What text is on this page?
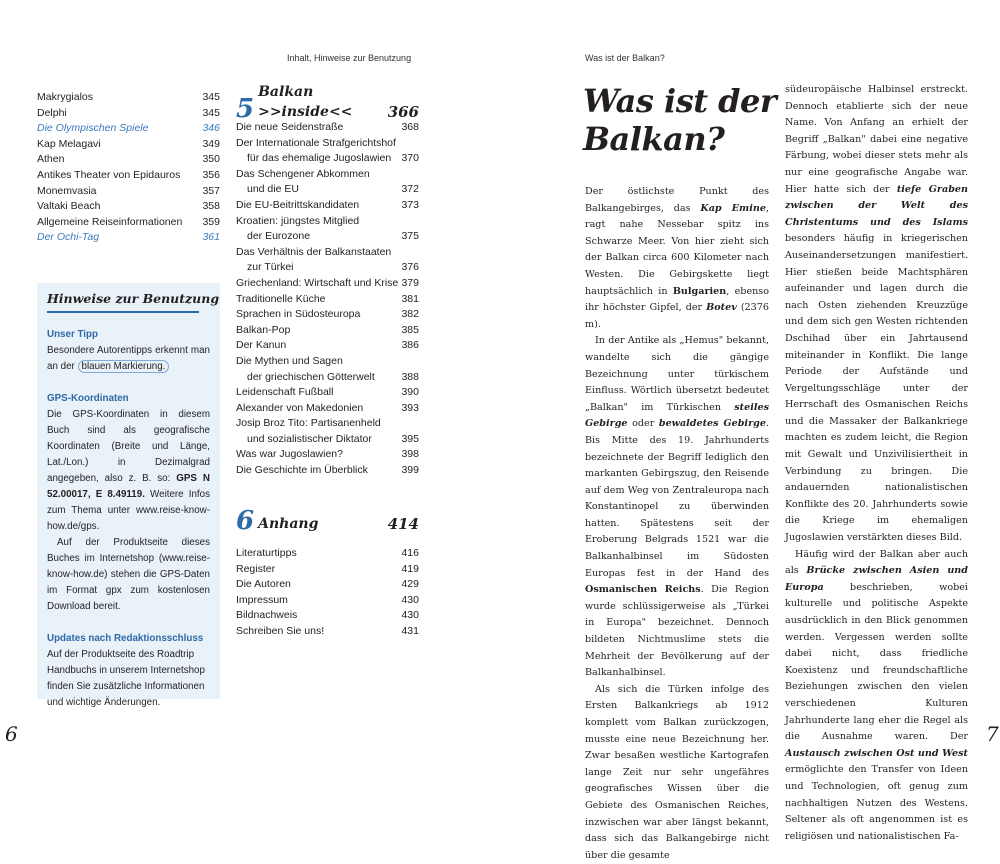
Inhalt, Hinweise zur Benutzung
Makrygialos	345
Delphi	345
Die Olympischen Spiele	346
Kap Melagavi	349
Athen	350
Antikes Theater von Epidauros 356
Monemvasia	357
Valtaki Beach	358
Allgemeine Reiseinformationen 359
Der Ochi-Tag	361
5
Balkan >>inside<<	366
Die neue Seidenstraße	368
Der Internationale Strafgerichtshof
für das ehemalige Jugoslawien 370
Das Schengener Abkommen
und die EU	372
Die EU-Beitrittskandidaten	373
Kroatien: jüngstes Mitglied
der Eurozone	375
Das Verhältnis der Balkanstaaten
zur Türkei	376
Griechenland: Wirtschaft und Krise 379
Traditionelle Küche	381
Sprachen in Südosteuropa	382
Balkan-Pop	385
Der Kanun	386
Die Mythen und Sagen
der griechischen Götterwelt	388
Leidenschaft Fußball	390
Alexander von Makedonien	393
Josip Broz Tito: Partisanenheld
und sozialistischer Diktator	395
Was war Jugoslawien?	398
Die Geschichte im Überblick	399
6 Anhang	414
Literaturtipps	416
Register	419
Die Autoren	429
Impressum	430
Bildnachweis	430
Schreiben Sie uns!	431
Hinweise zur Benutzung
Unser Tipp

Besondere Autorentipps erkennt man an der blauen Markierung.

GPS-Koordinaten

Die GPS-Koordinaten in diesem Buch sind als geografische Koordinaten (Breite und Länge, Lat./Lon.) in Dezimalgrad angegeben, also z. B. so: GPS N 52.00017, E 8.49119. Weitere Infos zum Thema unter www.reise-know-how.de/gps.

Auf der Produktseite dieses Buches im Internetshop (www.reise-know-how.de) stehen die GPS-Daten im Format gpx zum kostenlosen Download bereit.

Updates nach Redaktionsschluss

Auf der Produktseite des Roadtrip Handbuchs in unserem Internetshop finden Sie zusätzliche Informationen und wichtige Änderungen.

6
Was ist der Balkan?
Was ist der
Balkan?

Der östlichste Punkt des Balkangebirges, das Kap Emine, ragt nahe Nessebar spitz ins Schwarze Meer. Von hier zieht sich der Balkan circa 600 Kilometer nach Westen. Die Gebirgskette liegt hauptsächlich in Bulgarien, ebenso ihr höchster Gipfel, der Botev (2376 m).

In der Antike als „Hemus" bekannt, wandelte sich die gängige Bezeichnung unter türkischem Einfluss. Wörtlich übersetzt bedeutet „Balkan" im Türkischen steiles Gebirge oder bewaldetes Gebirge. Bis Mitte des 19. Jahrhunderts bezeichnete der Begriff lediglich den markanten Gebirgszug, den Reisende auf dem Weg von Zentraleuropa nach Konstantinopel zu überwinden hatten. Spätestens seit der Eroberung Belgrads 1521 war die Balkanhalbinsel im Südosten Europas fest in der Hand des Osmanischen Reichs. Die Region wurde schlüssigerweise als „Türkei in Europa" bezeichnet. Dennoch bildeten Nichtmuslime stets die Mehrheit der Bevölkerung auf der Balkanhalbinsel.

Als sich die Türken infolge des Ersten Balkankriegs ab 1912 komplett vom Balkan zurückzogen, musste eine neue Bezeichnung her. Zwar besaßen westliche Kartografen lange Zeit nur sehr ungefähres geografisches Wissen über die Gebiete des Osmanischen Reiches, inzwischen war aber längst bekannt, dass sich das Balkangebirge nicht über die gesamte

südeuropäische Halbinsel erstreckt. Dennoch etablierte sich der neue Name. Von Anfang an erhielt der Begriff „Balkan" dabei eine negative Färbung, wobei dieser stets mehr als nur eine geografische Angabe war. Hier hatte sich der tiefe Graben zwischen der Welt des Christentums und des Islams besonders häufig in kriegerischen Auseinandersetzungen manifestiert. Hier stießen beide Machtsphären aufeinander und lagen durch die nach Osten ziehenden Kreuzzüge und dem sich gen Westen richtenden Dschihad über ein Jahrtausend miteinander in Konflikt. Die lange Periode der Aufstände und Vergeltungsschläge unter der Herrschaft des Osmanischen Reichs und die Massaker der Balkankriege machten es zudem leicht, die Region mit Gewalt und Unzivilisiertheit in Verbindung zu bringen. Die andauernden nationalistischen Konflikte des 20. Jahrhunderts sowie die Kriege im ehemaligen Jugoslawien verstärkten dieses Bild.

Häufig wird der Balkan aber auch als Brücke zwischen Asien und Europa beschrieben, wobei kulturelle und politische Aspekte ausdrücklich in den Blick genommen werden. Vergessen werden sollte dabei nicht, dass friedliche Koexistenz und freundschaftliche Beziehungen zwischen den vielen verschiedenen Kulturen Jahrhunderte lang eher die Regel als die Ausnahme waren. Der Austausch zwischen Ost und West ermöglichte den Transfer von Ideen und Technologien, oft genug zum nachhaltigen Nutzen des Westens. Seltener als oft angenommen ist es religiösen und nationalistischen Fa-

7
